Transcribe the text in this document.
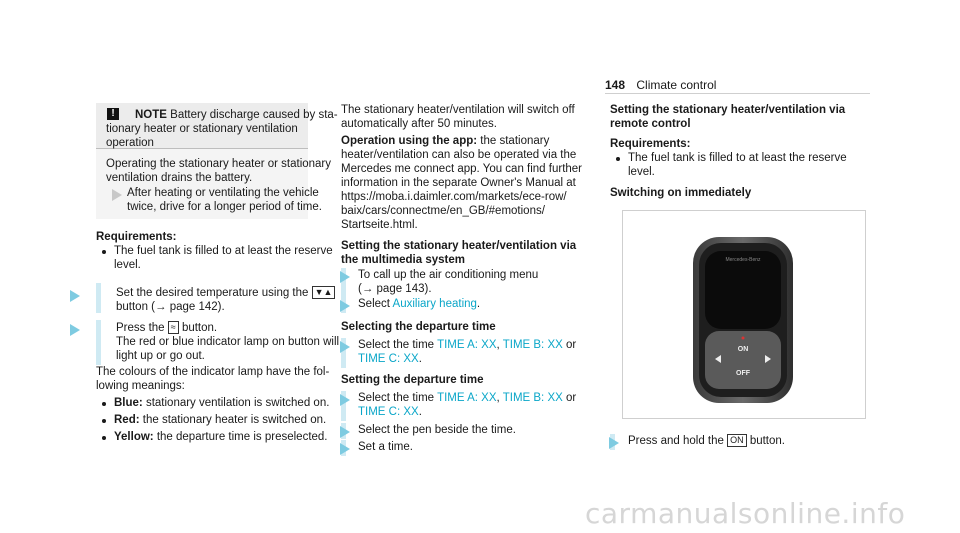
148 Climate control
!	NOTE Battery discharge caused by sta-
tionary heater or stationary ventilation
operation
Operating the stationary heater or stationary
ventilation drains the battery.
After heating or ventilating the vehicle
twice, drive for a longer period of time.
Requirements:
The fuel tank is filled to at least the reserve
level.
Set the desired temperature using the ▼▲
button (→ page 142).
Press the ≈ button.
The red or blue indicator lamp on button will
light up or go out.
The colours of the indicator lamp have the fol-
lowing meanings:
Blue: stationary ventilation is switched on.
Red: the stationary heater is switched on.
Yellow: the departure time is preselected.
The stationary heater/ventilation will switch off
automatically after 50 minutes.
Operation using the app: the stationary
heater/ventilation can also be operated via the
Mercedes me connect app. You can find further
information in the separate Owner's Manual at
https://moba.i.daimler.com/markets/ece-row/
baix/cars/connectme/en_GB/#emotions/
Startseite.html.
Setting the stationary heater/ventilation via
the multimedia system
To call up the air conditioning menu
(→ page 143).
Select Auxiliary heating.
Selecting the departure time
Select the time TIME A: XX, TIME B: XX or
TIME C: XX.
Setting the departure time
Select the time TIME A: XX, TIME B: XX or
TIME C: XX.
Select the pen beside the time.
Set a time.
Setting the stationary heater/ventilation via
remote control
Requirements:
The fuel tank is filled to at least the reserve
level.
Switching on immediately
Mercedes-Benz
ON
OFF
Press and hold the ON button.
carmanualsonline.info
